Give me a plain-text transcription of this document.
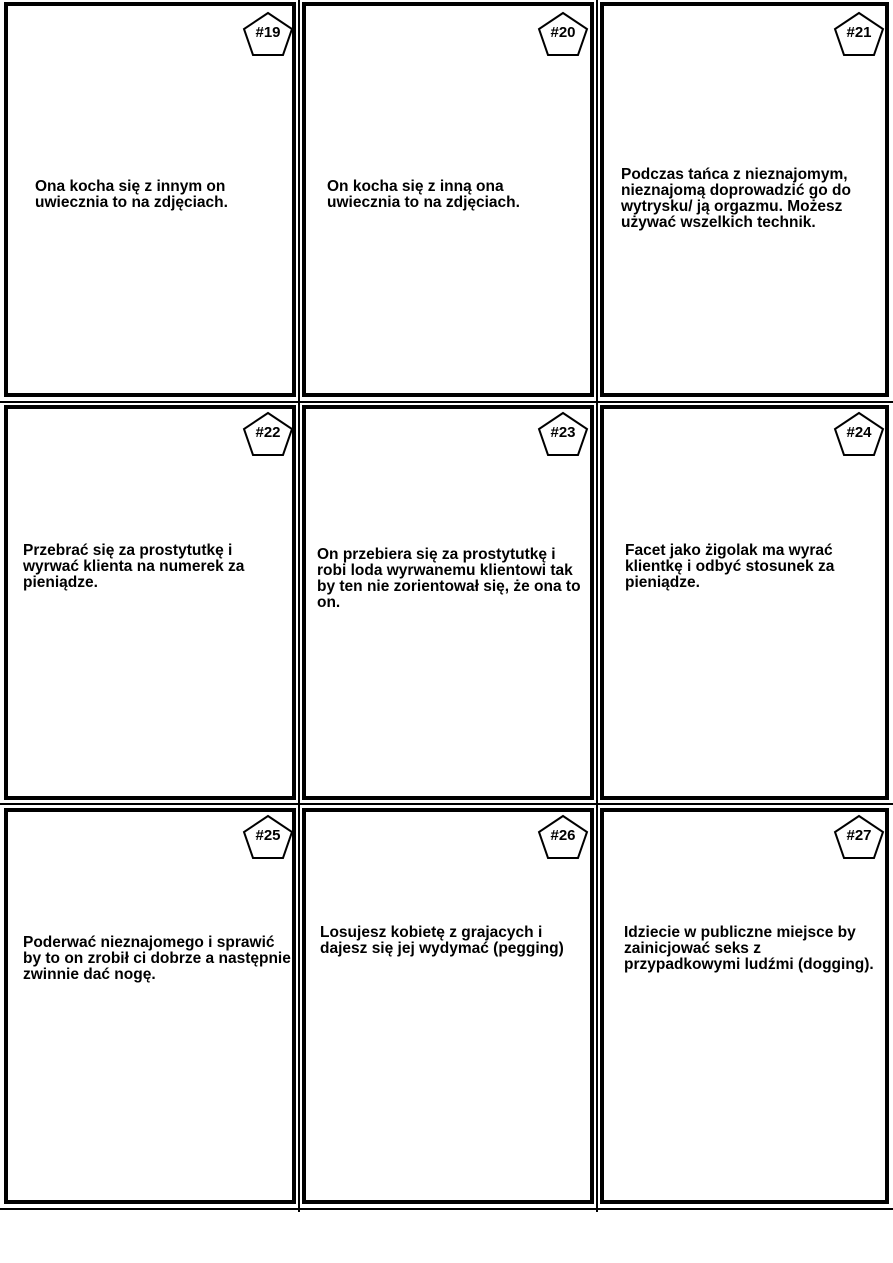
#19
Ona kocha się z innym on uwiecznia to na zdjęciach.
#20
On kocha się z inną ona uwiecznia to na zdjęciach.
#21
Podczas tańca z nieznajomym, nieznajomą doprowadzić go do wytrysku/ ją orgazmu. Możesz używać wszelkich technik.
#22
Przebrać się za prostytutkę i wyrwać klienta na numerek za pieniądze.
#23
On przebiera się za prostytutkę i robi loda wyrwanemu klientowi tak by ten nie zorientował się, że ona to on.
#24
Facet jako żigolak ma wyrać klientkę i odbyć stosunek za pieniądze.
#25
Poderwać nieznajomego i sprawić by to on zrobił ci dobrze a następnie zwinnie dać nogę.
#26
Losujesz kobietę z grajacych i dajesz się jej wydymać (pegging)
#27
Idziecie w publiczne miejsce by zainicjować seks z przypadkowymi ludźmi (dogging).
